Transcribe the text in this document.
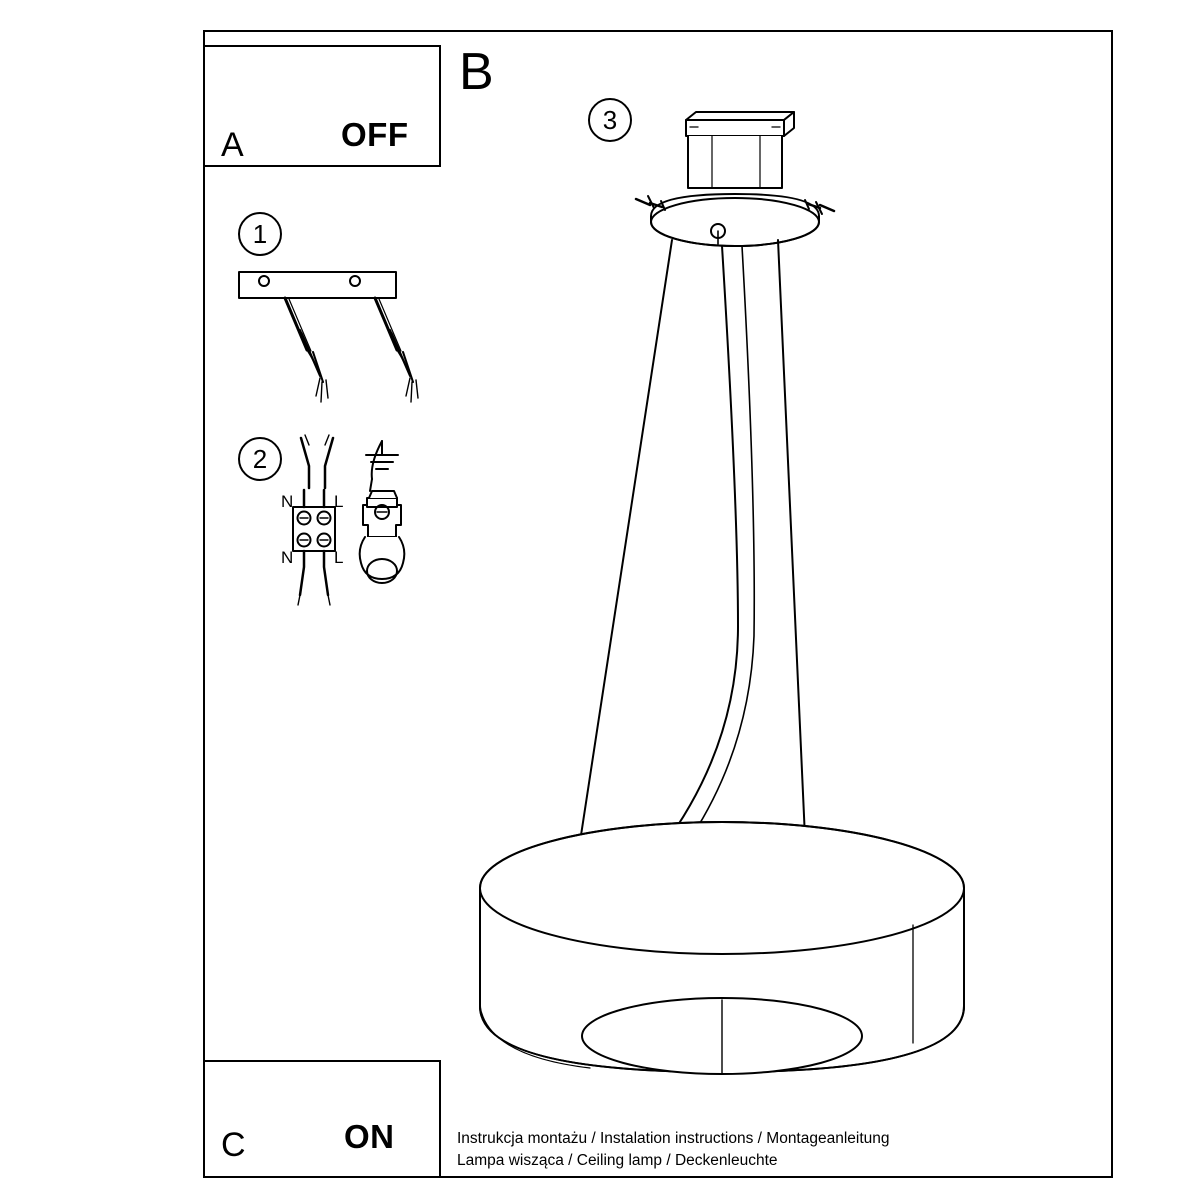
A
C
B
OFF
ON
1
2
3
N L
N L
Instrukcja montażu / Instalation instructions / Montageanleitung
Lampa wisząca / Ceiling lamp / Deckenleuchte
